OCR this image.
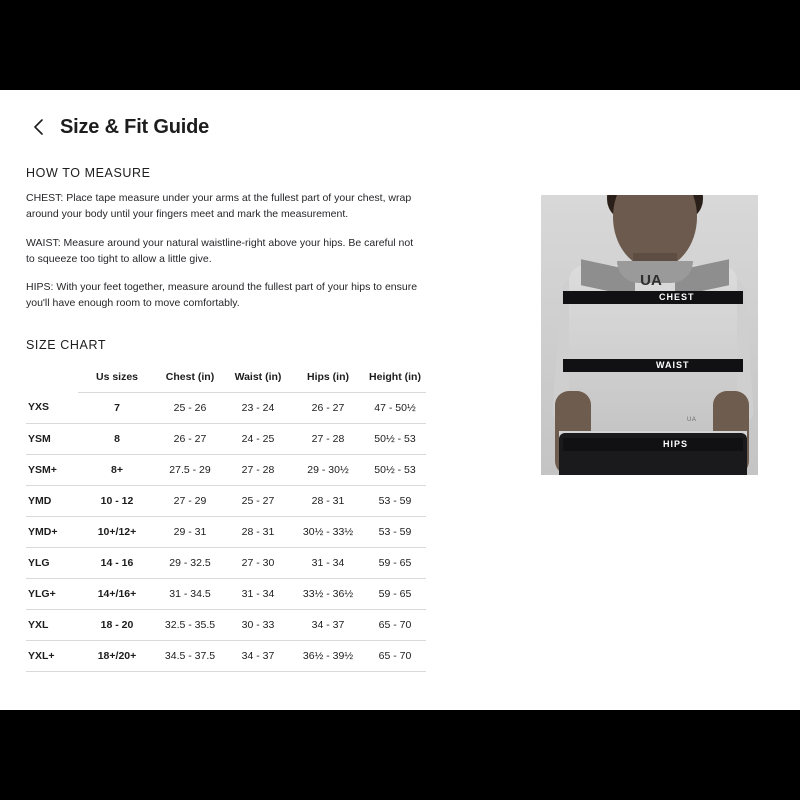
Size & Fit Guide
HOW TO MEASURE

CHEST: Place tape measure under your arms at the fullest part of your chest, wrap around your body until your fingers meet and mark the measurement.

WAIST: Measure around your natural waistline-right above your hips. Be careful not to squeeze too tight to allow a little give.

HIPS: With your feet together, measure around the fullest part of your hips to ensure you'll have enough room to move comfortably.

SIZE CHART
	Us sizes	Chest (in)	Waist (in)	Hips (in)	Height (in)
YXS	7	25 - 26	23 - 24	26 - 27	47 - 50½
YSM	8	26 - 27	24 - 25	27 - 28	50½ - 53
YSM+	8+	27.5 - 29	27 - 28	29 - 30½	50½ - 53
YMD	10 - 12	27 - 29	25 - 27	28 - 31	53 - 59
YMD+	10+/12+	29 - 31	28 - 31	30½ - 33½	53 - 59
YLG	14 - 16	29 - 32.5	27 - 30	31 - 34	59 - 65
YLG+	14+/16+	31 - 34.5	31 - 34	33½ - 36½	59 - 65
YXL	18 - 20	32.5 - 35.5	30 - 33	34 - 37	65 - 70
YXL+	18+/20+	34.5 - 37.5	34 - 37	36½ - 39½	65 - 70
UA
UA
CHEST
WAIST
HIPS
